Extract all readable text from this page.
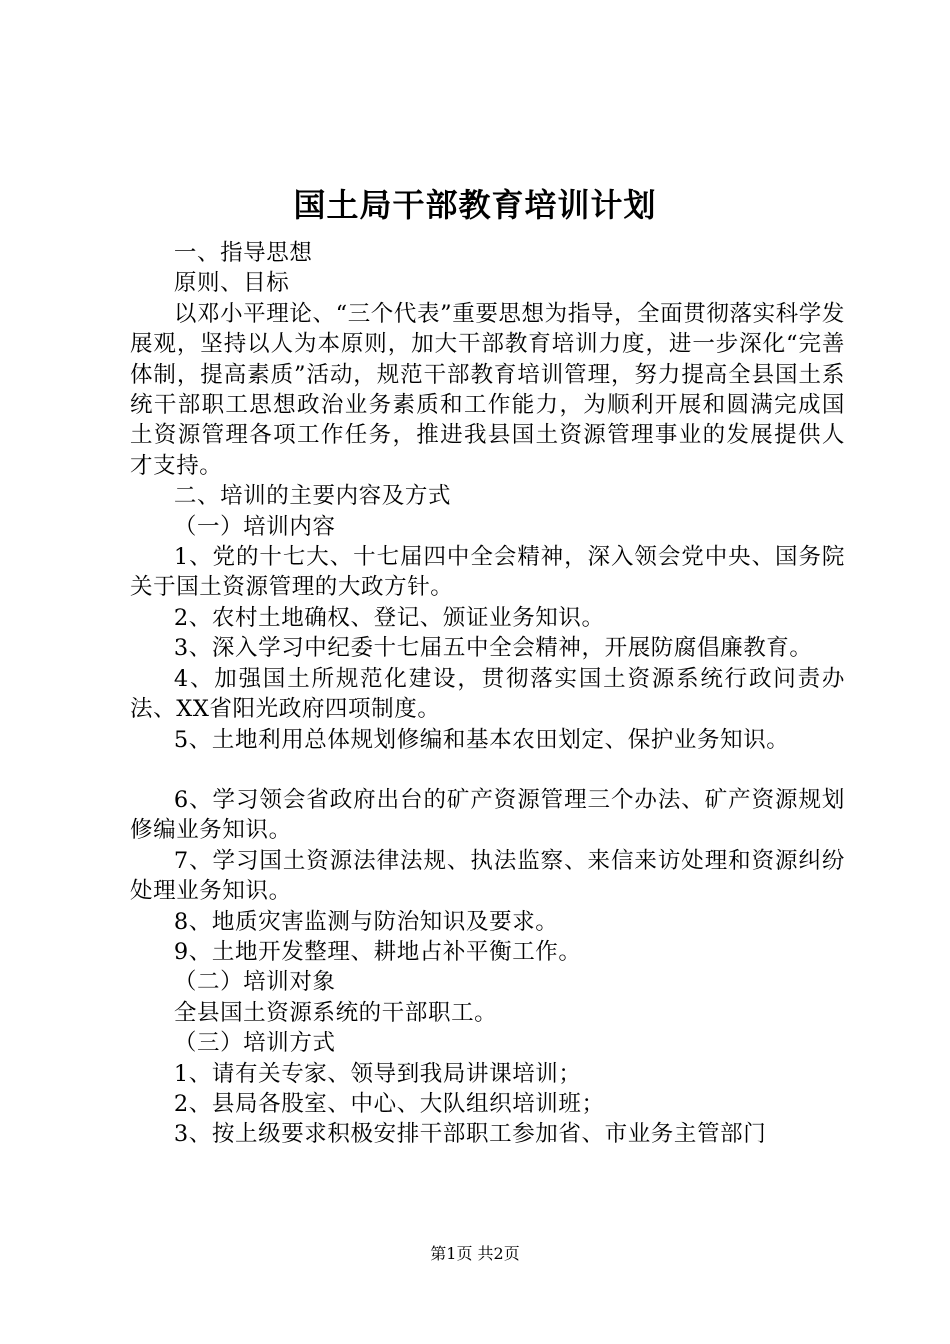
国土局干部教育培训计划

一、指导思想

原则、目标

以邓小平理论、“三个代表”重要思想为指导，全面贯彻落实科学发展观，坚持以人为本原则，加大干部教育培训力度，进一步深化“完善体制，提高素质”活动，规范干部教育培训管理，努力提高全县国土系统干部职工思想政治业务素质和工作能力，为顺利开展和圆满完成国土资源管理各项工作任务，推进我县国土资源管理事业的发展提供人才支持。

二、培训的主要内容及方式

（一）培训内容

1、党的十七大、十七届四中全会精神，深入领会党中央、国务院关于国土资源管理的大政方针。

2、农村土地确权、登记、颁证业务知识。

3、深入学习中纪委十七届五中全会精神，开展防腐倡廉教育。

4、加强国土所规范化建设，贯彻落实国土资源系统行政问责办法、XX省阳光政府四项制度。

5、土地利用总体规划修编和基本农田划定、保护业务知识。

6、学习领会省政府出台的矿产资源管理三个办法、矿产资源规划修编业务知识。

7、学习国土资源法律法规、执法监察、来信来访处理和资源纠纷处理业务知识。

8、地质灾害监测与防治知识及要求。

9、土地开发整理、耕地占补平衡工作。

（二）培训对象

全县国土资源系统的干部职工。

（三）培训方式

1、请有关专家、领导到我局讲课培训；

2、县局各股室、中心、大队组织培训班；

3、按上级要求积极安排干部职工参加省、市业务主管部门

第1页 共2页
